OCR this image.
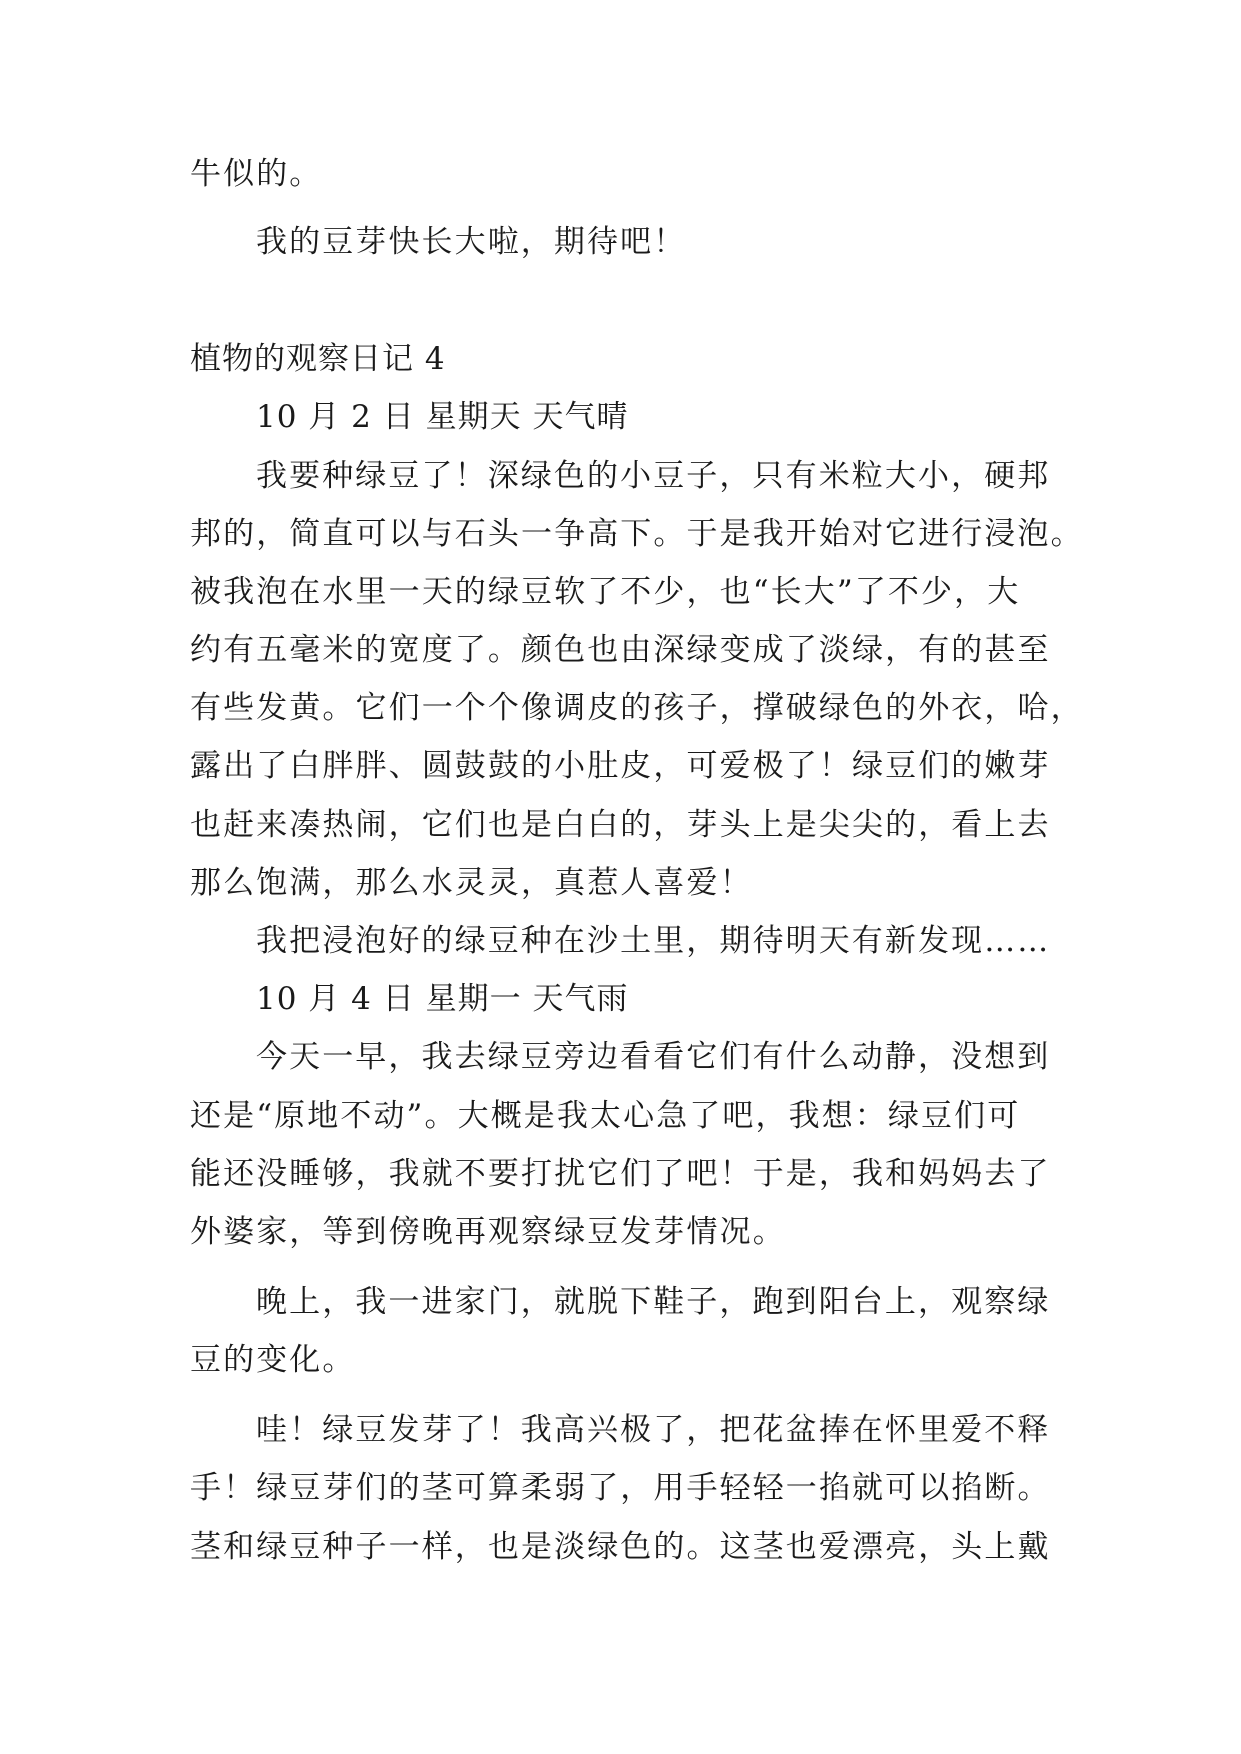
牛似的。
我的豆芽快长大啦，期待吧！
植物的观察日记 4
10 月 2 日 星期天 天气晴
我要种绿豆了！深绿色的小豆子，只有米粒大小，硬邦
邦的，简直可以与石头一争高下。于是我开始对它进行浸泡。
被我泡在水里一天的绿豆软了不少，也“长大”了不少，大
约有五毫米的宽度了。颜色也由深绿变成了淡绿，有的甚至
有些发黄。它们一个个像调皮的孩子，撑破绿色的外衣，哈，
露出了白胖胖、圆鼓鼓的小肚皮，可爱极了！绿豆们的嫩芽
也赶来凑热闹，它们也是白白的，芽头上是尖尖的，看上去
那么饱满，那么水灵灵，真惹人喜爱！
我把浸泡好的绿豆种在沙土里，期待明天有新发现……
10 月 4 日 星期一 天气雨
今天一早，我去绿豆旁边看看它们有什么动静，没想到
还是“原地不动”。大概是我太心急了吧，我想：绿豆们可
能还没睡够，我就不要打扰它们了吧！于是，我和妈妈去了
外婆家，等到傍晚再观察绿豆发芽情况。
晚上，我一进家门，就脱下鞋子，跑到阳台上，观察绿
豆的变化。
哇！绿豆发芽了！我高兴极了，把花盆捧在怀里爱不释
手！绿豆芽们的茎可算柔弱了，用手轻轻一掐就可以掐断。
茎和绿豆种子一样，也是淡绿色的。这茎也爱漂亮，头上戴
